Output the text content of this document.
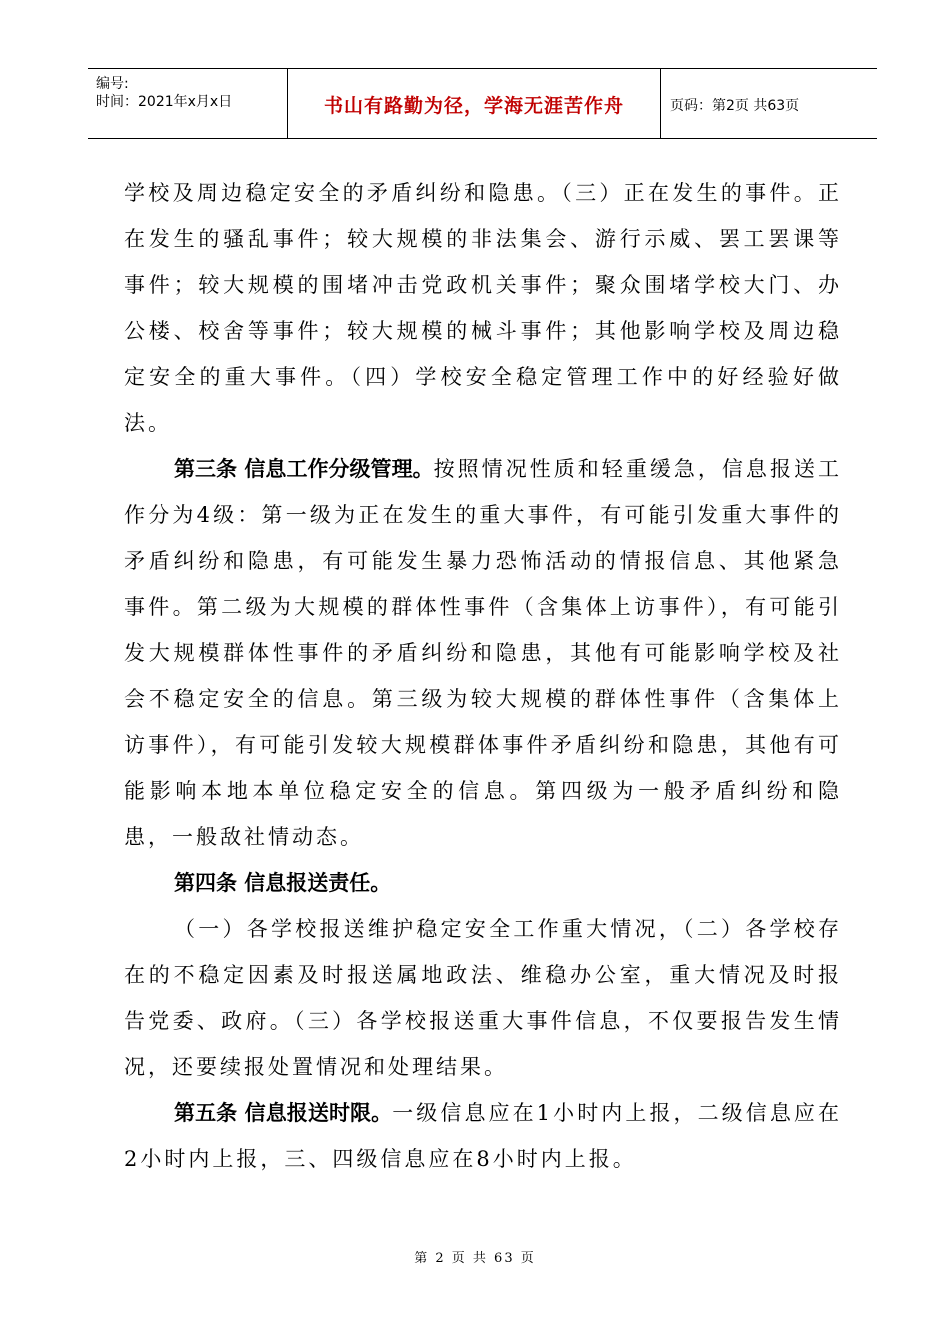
编号:
时间：2021年x月x日	书山有路勤为径，学海无涯苦作舟	页码：第2页 共63页

学校及周边稳定安全的矛盾纠纷和隐患。（三）正在发生的事件。正在发生的骚乱事件；较大规模的非法集会、游行示威、罢工罢课等事件；较大规模的围堵冲击党政机关事件；聚众围堵学校大门、办公楼、校舍等事件；较大规模的械斗事件；其他影响学校及周边稳定安全的重大事件。（四）学校安全稳定管理工作中的好经验好做法。

第三条 信息工作分级管理。按照情况性质和轻重缓急，信息报送工作分为4级：第一级为正在发生的重大事件，有可能引发重大事件的矛盾纠纷和隐患，有可能发生暴力恐怖活动的情报信息、其他紧急事件。第二级为大规模的群体性事件（含集体上访事件），有可能引发大规模群体性事件的矛盾纠纷和隐患，其他有可能影响学校及社会不稳定安全的信息。第三级为较大规模的群体性事件（含集体上访事件），有可能引发较大规模群体事件矛盾纠纷和隐患，其他有可能影响本地本单位稳定安全的信息。第四级为一般矛盾纠纷和隐患，一般敌社情动态。

第四条 信息报送责任。

（一）各学校报送维护稳定安全工作重大情况，（二）各学校存在的不稳定因素及时报送属地政法、维稳办公室，重大情况及时报告党委、政府。（三）各学校报送重大事件信息，不仅要报告发生情况，还要续报处置情况和处理结果。

第五条 信息报送时限。一级信息应在1小时内上报，二级信息应在2小时内上报，三、四级信息应在8小时内上报。

第 2 页 共 63 页
